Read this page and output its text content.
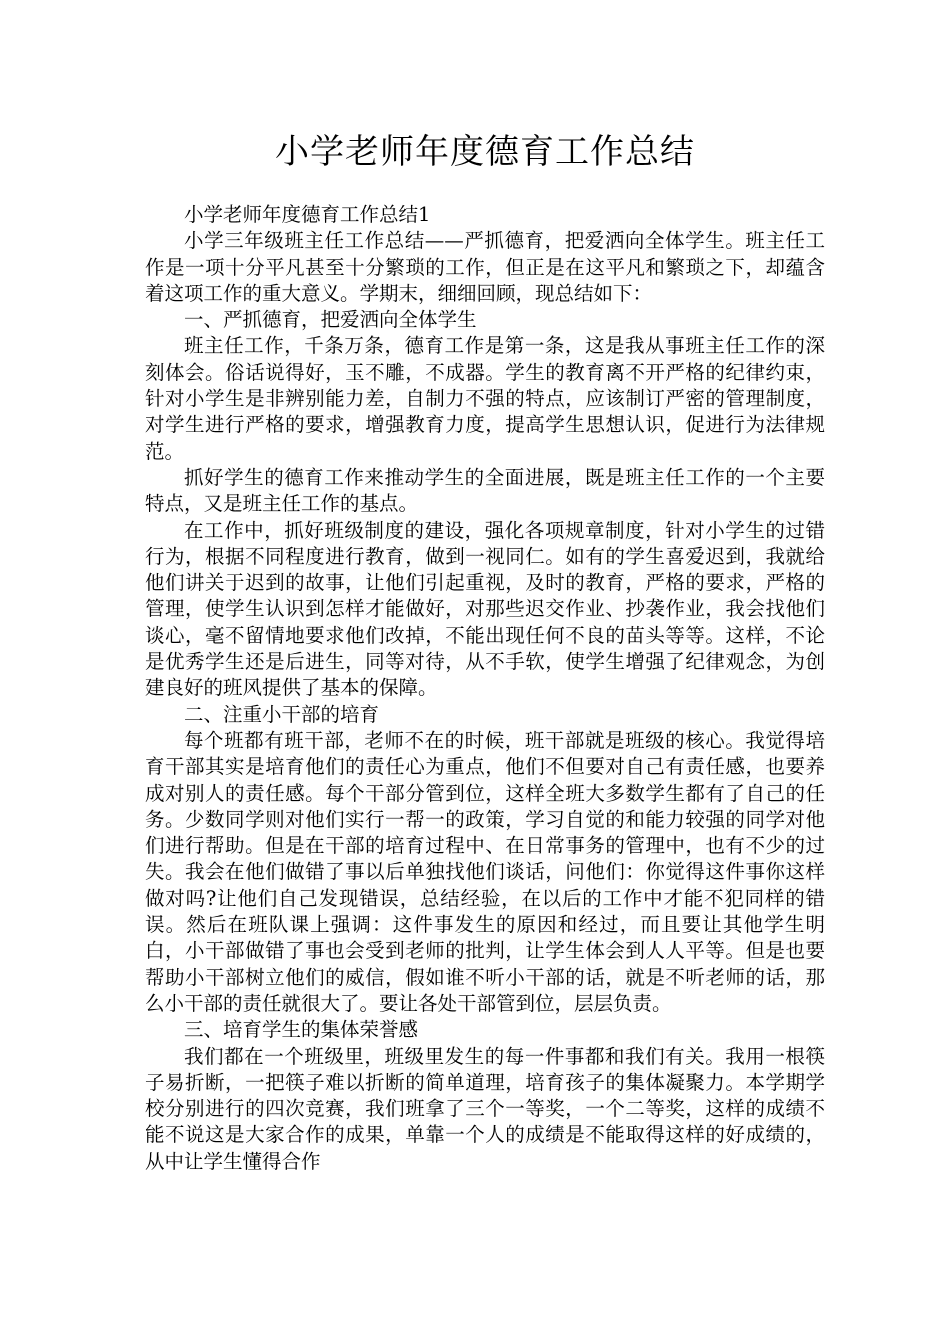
小学老师年度德育工作总结

小学老师年度德育工作总结1

小学三年级班主任工作总结——严抓德育，把爱洒向全体学生。班主任工作是一项十分平凡甚至十分繁琐的工作，但正是在这平凡和繁琐之下，却蕴含着这项工作的重大意义。学期末，细细回顾，现总结如下：

一、严抓德育，把爱洒向全体学生

班主任工作，千条万条，德育工作是第一条，这是我从事班主任工作的深刻体会。俗话说得好，玉不雕，不成器。学生的教育离不开严格的纪律约束，针对小学生是非辨别能力差，自制力不强的特点，应该制订严密的管理制度，对学生进行严格的要求，增强教育力度，提高学生思想认识，促进行为法律规范。

抓好学生的德育工作来推动学生的全面进展，既是班主任工作的一个主要特点，又是班主任工作的基点。

在工作中，抓好班级制度的建设，强化各项规章制度，针对小学生的过错行为，根据不同程度进行教育，做到一视同仁。如有的学生喜爱迟到，我就给他们讲关于迟到的故事，让他们引起重视，及时的教育，严格的要求，严格的管理，使学生认识到怎样才能做好，对那些迟交作业、抄袭作业，我会找他们谈心，毫不留情地要求他们改掉，不能出现任何不良的苗头等等。这样，不论是优秀学生还是后进生，同等对待，从不手软，使学生增强了纪律观念，为创建良好的班风提供了基本的保障。

二、注重小干部的培育

每个班都有班干部，老师不在的时候，班干部就是班级的核心。我觉得培育干部其实是培育他们的责任心为重点，他们不但要对自己有责任感，也要养成对别人的责任感。每个干部分管到位，这样全班大多数学生都有了自己的任务。少数同学则对他们实行一帮一的政策，学习自觉的和能力较强的同学对他们进行帮助。但是在干部的培育过程中、在日常事务的管理中，也有不少的过失。我会在他们做错了事以后单独找他们谈话，问他们：你觉得这件事你这样做对吗?让他们自己发现错误，总结经验，在以后的工作中才能不犯同样的错误。然后在班队课上强调：这件事发生的原因和经过，而且要让其他学生明白，小干部做错了事也会受到老师的批判，让学生体会到人人平等。但是也要帮助小干部树立他们的威信，假如谁不听小干部的话，就是不听老师的话，那么小干部的责任就很大了。要让各处干部管到位，层层负责。

三、培育学生的集体荣誉感

我们都在一个班级里，班级里发生的每一件事都和我们有关。我用一根筷子易折断，一把筷子难以折断的简单道理，培育孩子的集体凝聚力。本学期学校分别进行的四次竞赛，我们班拿了三个一等奖，一个二等奖，这样的成绩不能不说这是大家合作的成果，单靠一个人的成绩是不能取得这样的好成绩的，从中让学生懂得合作
